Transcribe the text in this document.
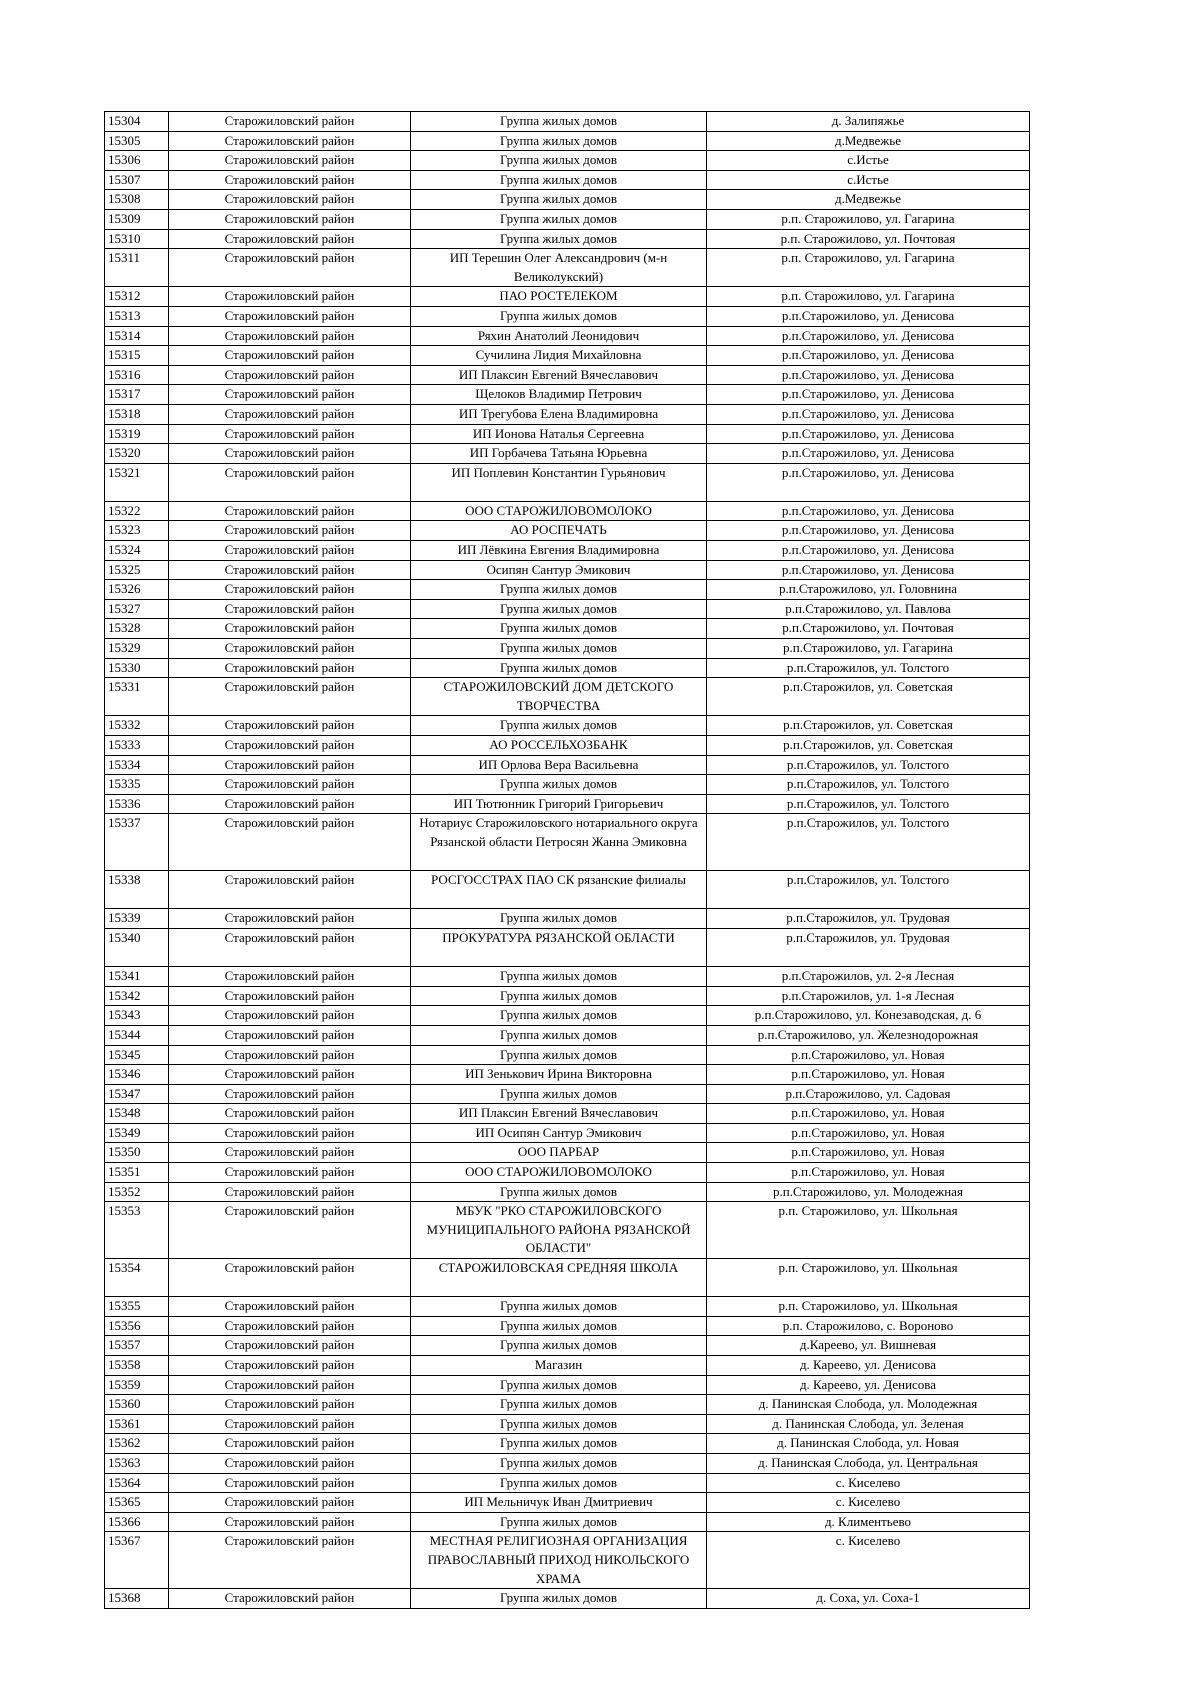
15304	Старожиловский район	Группа жилых домов	д. Залипяжье
15305	Старожиловский район	Группа жилых домов	д.Медвежье
15306	Старожиловский район	Группа жилых домов	с.Истье
15307	Старожиловский район	Группа жилых домов	с.Истье
15308	Старожиловский район	Группа жилых домов	д.Медвежье
15309	Старожиловский район	Группа жилых домов	р.п. Старожилово, ул. Гагарина
15310	Старожиловский район	Группа жилых домов	р.п. Старожилово, ул. Почтовая
15311	Старожиловский район	ИП Терешин Олег Александрович (м-н Великолукский)	р.п. Старожилово, ул. Гагарина
15312	Старожиловский район	ПАО РОСТЕЛЕКОМ	р.п. Старожилово, ул. Гагарина
15313	Старожиловский район	Группа жилых домов	р.п.Старожилово, ул. Денисова
15314	Старожиловский район	Ряхин Анатолий Леонидович	р.п.Старожилово, ул. Денисова
15315	Старожиловский район	Сучилина Лидия Михайловна	р.п.Старожилово, ул. Денисова
15316	Старожиловский район	ИП Плаксин Евгений Вячеславович	р.п.Старожилово, ул. Денисова
15317	Старожиловский район	Щелоков Владимир Петрович	р.п.Старожилово, ул. Денисова
15318	Старожиловский район	ИП Трегубова Елена Владимировна	р.п.Старожилово, ул. Денисова
15319	Старожиловский район	ИП Ионова Наталья Сергеевна	р.п.Старожилово, ул. Денисова
15320	Старожиловский район	ИП Горбачева Татьяна Юрьевна	р.п.Старожилово, ул. Денисова
15321	Старожиловский район	ИП Поплевин Константин Гурьянович	р.п.Старожилово, ул. Денисова
15322	Старожиловский район	ООО СТАРОЖИЛОВОМОЛОКО	р.п.Старожилово, ул. Денисова
15323	Старожиловский район	АО РОСПЕЧАТЬ	р.п.Старожилово, ул. Денисова
15324	Старожиловский район	ИП Лёвкина Евгения Владимировна	р.п.Старожилово, ул. Денисова
15325	Старожиловский район	Осипян Сантур Эмикович	р.п.Старожилово, ул. Денисова
15326	Старожиловский район	Группа жилых домов	р.п.Старожилово, ул. Головнина
15327	Старожиловский район	Группа жилых домов	р.п.Старожилово, ул. Павлова
15328	Старожиловский район	Группа жилых домов	р.п.Старожилово, ул. Почтовая
15329	Старожиловский район	Группа жилых домов	р.п.Старожилово, ул. Гагарина
15330	Старожиловский район	Группа жилых домов	р.п.Старожилов, ул. Толстого
15331	Старожиловский район	СТАРОЖИЛОВСКИЙ ДОМ ДЕТСКОГО ТВОРЧЕСТВА	р.п.Старожилов, ул. Советская
15332	Старожиловский район	Группа жилых домов	р.п.Старожилов, ул. Советская
15333	Старожиловский район	АО РОССЕЛЬХОЗБАНК	р.п.Старожилов, ул. Советская
15334	Старожиловский район	ИП Орлова Вера Васильевна	р.п.Старожилов, ул. Толстого
15335	Старожиловский район	Группа жилых домов	р.п.Старожилов, ул. Толстого
15336	Старожиловский район	ИП Тютюнник Григорий Григорьевич	р.п.Старожилов, ул. Толстого
15337	Старожиловский район	Нотариус Старожиловского нотариального округа Рязанской области Петросян Жанна Эмиковна	р.п.Старожилов, ул. Толстого
15338	Старожиловский район	РОСГОССТРАХ ПАО СК рязанские филиалы	р.п.Старожилов, ул. Толстого
15339	Старожиловский район	Группа жилых домов	р.п.Старожилов, ул. Трудовая
15340	Старожиловский район	ПРОКУРАТУРА РЯЗАНСКОЙ ОБЛАСТИ	р.п.Старожилов, ул. Трудовая
15341	Старожиловский район	Группа жилых домов	р.п.Старожилов, ул. 2-я Лесная
15342	Старожиловский район	Группа жилых домов	р.п.Старожилов, ул. 1-я Лесная
15343	Старожиловский район	Группа жилых домов	р.п.Старожилово, ул. Конезаводская, д. 6
15344	Старожиловский район	Группа жилых домов	р.п.Старожилово, ул. Железнодорожная
15345	Старожиловский район	Группа жилых домов	р.п.Старожилово, ул. Новая
15346	Старожиловский район	ИП Зенькович Ирина Викторовна	р.п.Старожилово, ул. Новая
15347	Старожиловский район	Группа жилых домов	р.п.Старожилово, ул. Садовая
15348	Старожиловский район	ИП Плаксин Евгений Вячеславович	р.п.Старожилово, ул. Новая
15349	Старожиловский район	ИП Осипян Сантур Эмикович	р.п.Старожилово, ул. Новая
15350	Старожиловский район	ООО ПАРБАР	р.п.Старожилово, ул. Новая
15351	Старожиловский район	ООО СТАРОЖИЛОВОМОЛОКО	р.п.Старожилово, ул. Новая
15352	Старожиловский район	Группа жилых домов	р.п.Старожилово, ул. Молодежная
15353	Старожиловский район	МБУК "РКО СТАРОЖИЛОВСКОГО МУНИЦИПАЛЬНОГО РАЙОНА РЯЗАНСКОЙ ОБЛАСТИ"	р.п. Старожилово, ул. Школьная
15354	Старожиловский район	СТАРОЖИЛОВСКАЯ СРЕДНЯЯ ШКОЛА	р.п. Старожилово, ул. Школьная
15355	Старожиловский район	Группа жилых домов	р.п. Старожилово, ул. Школьная
15356	Старожиловский район	Группа жилых домов	р.п. Старожилово, с. Вороново
15357	Старожиловский район	Группа жилых домов	д.Кареево, ул. Вишневая
15358	Старожиловский район	Магазин	д. Кареево, ул. Денисова
15359	Старожиловский район	Группа жилых домов	д. Кареево, ул. Денисова
15360	Старожиловский район	Группа жилых домов	д. Панинская Слобода, ул. Молодежная
15361	Старожиловский район	Группа жилых домов	д. Панинская Слобода, ул. Зеленая
15362	Старожиловский район	Группа жилых домов	д. Панинская Слобода, ул. Новая
15363	Старожиловский район	Группа жилых домов	д. Панинская Слобода, ул. Центральная
15364	Старожиловский район	Группа жилых домов	с. Киселево
15365	Старожиловский район	ИП Мельничук Иван Дмитриевич	с. Киселево
15366	Старожиловский район	Группа жилых домов	д. Климентьево
15367	Старожиловский район	МЕСТНАЯ РЕЛИГИОЗНАЯ ОРГАНИЗАЦИЯ ПРАВОСЛАВНЫЙ ПРИХОД НИКОЛЬСКОГО ХРАМА	с. Киселево
15368	Старожиловский район	Группа жилых домов	д. Соха, ул. Соха-1
